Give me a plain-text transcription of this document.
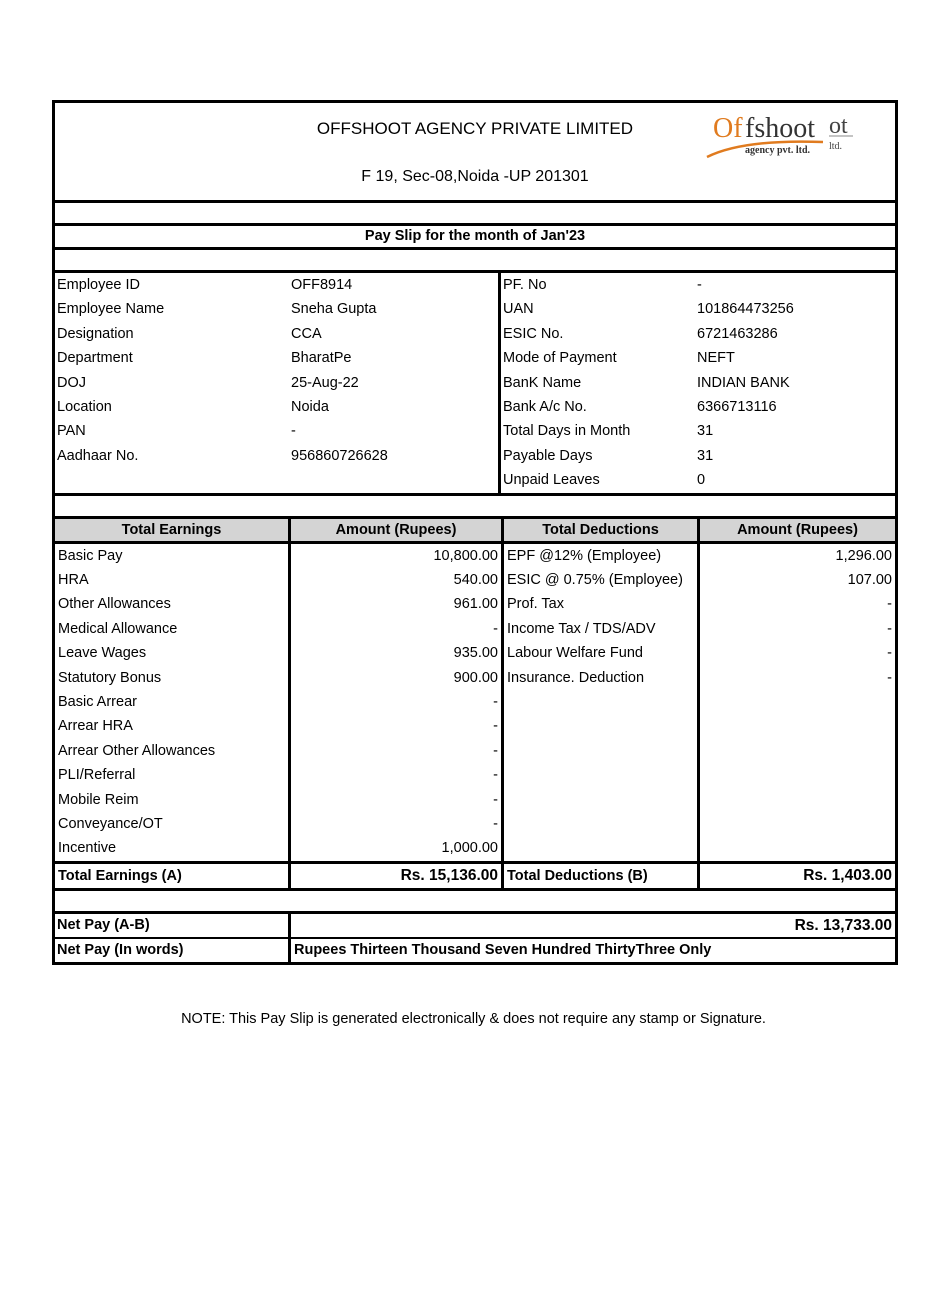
OFFSHOOT AGENCY PRIVATE LIMITED
F 19, Sec-08,Noida -UP 201301
Of fshoot ot
agency pvt. ltd. ltd.
Pay Slip for the month of Jan'23
Employee ID	OFF8914
Employee Name	Sneha Gupta
Designation	CCA
Department	BharatPe
DOJ	25-Aug-22
Location	Noida
PAN	-
Aadhaar No.	956860726628
PF. No	-
UAN	101864473256
ESIC No.	6721463286
Mode of Payment	NEFT
BanK Name	INDIAN BANK
Bank A/c No.	6366713116
Total Days in Month	31
Payable Days	31
Unpaid Leaves	0
Total Earnings	Amount (Rupees)	Total Deductions	Amount (Rupees)
Basic Pay	10,800.00	EPF @12% (Employee)	1,296.00
HRA	540.00	ESIC @ 0.75% (Employee)	107.00
Other Allowances	961.00	Prof. Tax	-
Medical Allowance	-	Income Tax / TDS/ADV	-
Leave Wages	935.00	Labour Welfare Fund	-
Statutory Bonus	900.00	Insurance. Deduction	-
Basic Arrear	-		
Arrear HRA	-		
Arrear Other Allowances	-		
PLI/Referral	-		
Mobile Reim	-		
Conveyance/OT	-		
Incentive	1,000.00		
Total Earnings (A)	Rs. 15,136.00	Total Deductions (B)	Rs. 1,403.00
Net Pay (A-B)	Rs. 13,733.00
Net Pay (In words)	Rupees Thirteen Thousand Seven Hundred ThirtyThree Only
NOTE: This Pay Slip is generated electronically & does not require any stamp or Signature.
